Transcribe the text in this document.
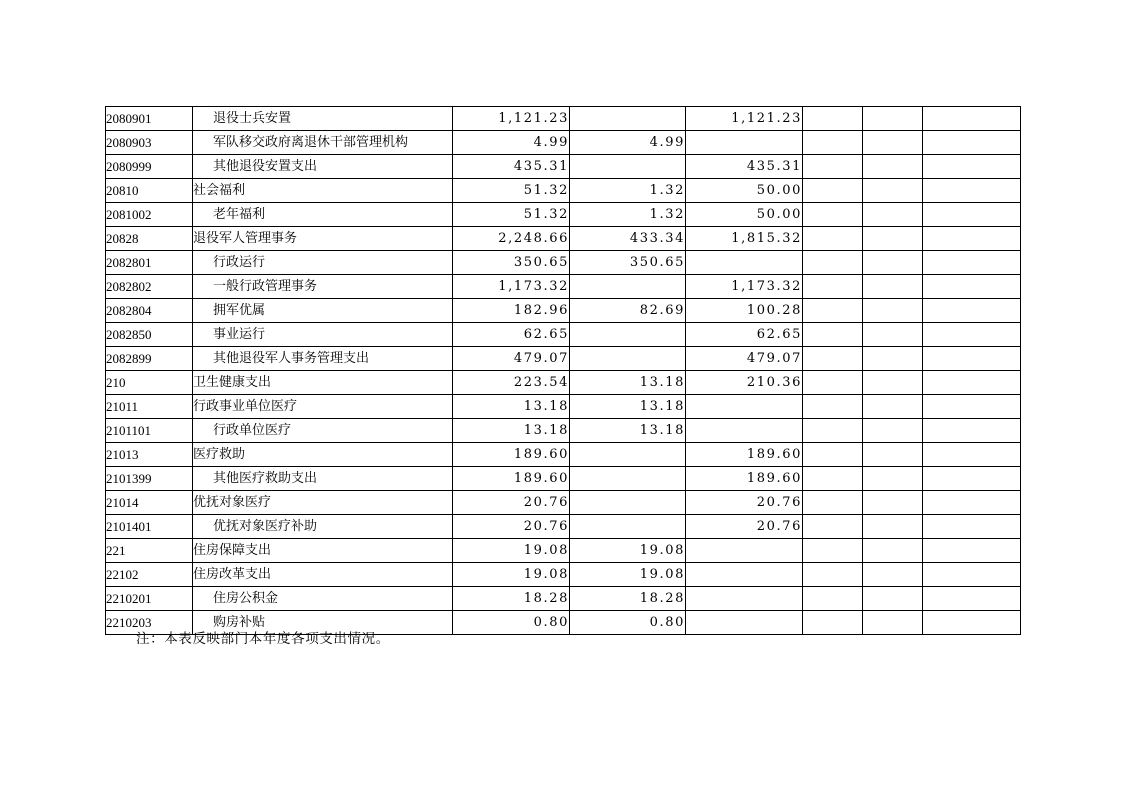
2080901	退役士兵安置	1,121.23		1,121.23			
2080903	军队移交政府离退休干部管理机构	4.99	4.99				
2080999	其他退役安置支出	435.31		435.31			
20810	社会福利	51.32	1.32	50.00			
2081002	老年福利	51.32	1.32	50.00			
20828	退役军人管理事务	2,248.66	433.34	1,815.32			
2082801	行政运行	350.65	350.65				
2082802	一般行政管理事务	1,173.32		1,173.32			
2082804	拥军优属	182.96	82.69	100.28			
2082850	事业运行	62.65		62.65			
2082899	其他退役军人事务管理支出	479.07		479.07			
210	卫生健康支出	223.54	13.18	210.36			
21011	行政事业单位医疗	13.18	13.18				
2101101	行政单位医疗	13.18	13.18				
21013	医疗救助	189.60		189.60			
2101399	其他医疗救助支出	189.60		189.60			
21014	优抚对象医疗	20.76		20.76			
2101401	优抚对象医疗补助	20.76		20.76			
221	住房保障支出	19.08	19.08				
22102	住房改革支出	19.08	19.08				
2210201	住房公积金	18.28	18.28				
2210203	购房补贴	0.80	0.80				
注：本表反映部门本年度各项支出情况。
